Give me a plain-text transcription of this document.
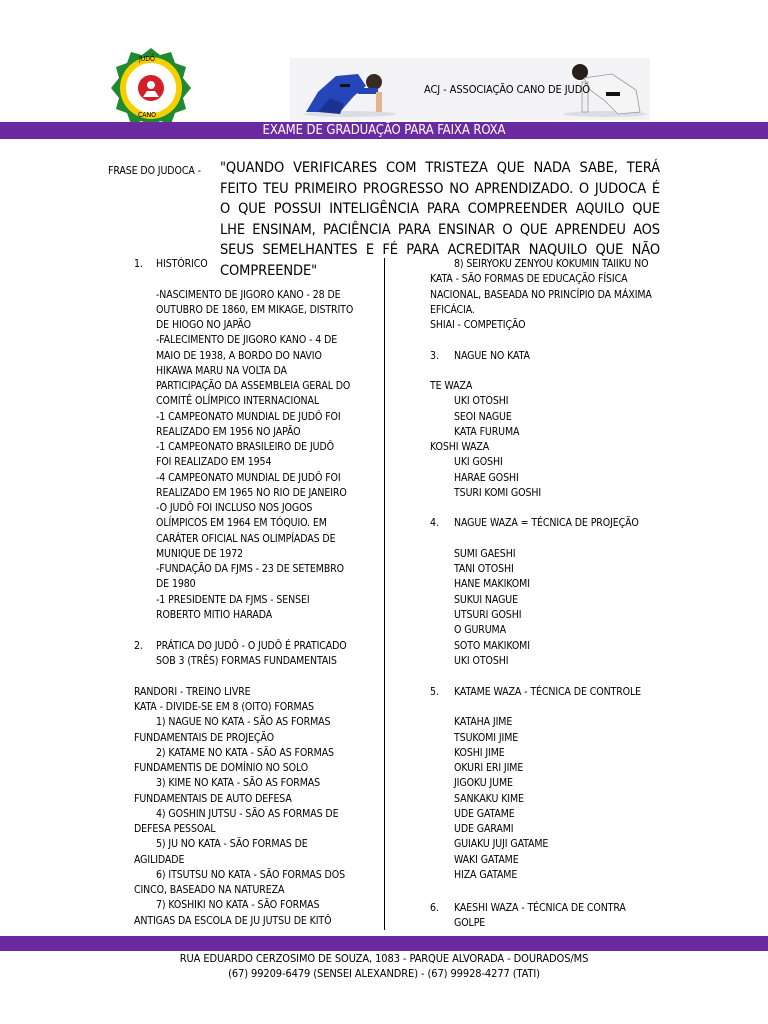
JUDÔ
CANO
ACJ - ASSOCIAÇÃO CANO DE JUDÔ
EXAME DE GRADUAÇÃO PARA FAIXA ROXA
FRASE DO JUDOCA - "QUANDO VERIFICARES COM TRISTEZA QUE NADA SABE, TERÁ FEITO TEU PRIMEIRO PROGRESSO NO APRENDIZADO. O JUDOCA É O QUE POSSUI INTELIGÊNCIA PARA COMPREENDER AQUILO QUE LHE ENSINAM, PACIÊNCIA PARA ENSINAR O QUE APRENDEU AOS SEUS SEMELHANTES E FÉ PARA ACREDITAR NAQUILO QUE NÃO COMPREENDE"
1. HISTÓRICO
-NASCIMENTO DE JIGORO KANO - 28 DE
OUTUBRO DE 1860, EM MIKAGE, DISTRITO
DE HIOGO NO JAPÃO
-FALECIMENTO DE JIGORO KANO - 4 DE
MAIO DE 1938, A BORDO DO NAVIO
HIKAWA MARU NA VOLTA DA
PARTICIPAÇÃO DA ASSEMBLEIA GERAL DO
COMITÊ OLÍMPICO INTERNACIONAL
-1 CAMPEONATO MUNDIAL DE JUDÔ FOI
REALIZADO EM 1956 NO JAPÃO
-1 CAMPEONATO BRASILEIRO DE JUDÔ
FOI REALIZADO EM 1954
-4 CAMPEONATO MUNDIAL DE JUDÔ FOI
REALIZADO EM 1965 NO RIO DE JANEIRO
-O JUDÔ FOI INCLUSO NOS JOGOS
OLÍMPICOS EM 1964 EM TÓQUIO. EM
CARÁTER OFICIAL NAS OLIMPÍADAS DE
MUNIQUE DE 1972
-FUNDAÇÃO DA FJMS - 23 DE SETEMBRO
DE 1980
-1 PRESIDENTE DA FJMS - SENSEI
ROBERTO MITIO HARADA
2. PRÁTICA DO JUDÔ - O JUDÔ É PRATICADO
SOB 3 (TRÊS) FORMAS FUNDAMENTAIS
RANDORI - TREINO LIVRE
KATA - DIVIDE-SE EM 8 (OITO) FORMAS
1) NAGUE NO KATA - SÃO AS FORMAS
FUNDAMENTAIS DE PROJEÇÃO
2) KATAME NO KATA - SÃO AS FORMAS
FUNDAMENTIS DE DOMÍNIO NO SOLO
3) KIME NO KATA - SÃO AS FORMAS
FUNDAMENTAIS DE AUTO DEFESA
4) GOSHIN JUTSU - SÃO AS FORMAS DE
DEFESA PESSOAL
5) JU NO KATA - SÃO FORMAS DE
AGILIDADE
6) ITSUTSU NO KATA - SÃO FORMAS DOS
CINCO, BASEADO NA NATUREZA
7) KOSHIKI NO KATA - SÃO FORMAS
ANTIGAS DA ESCOLA DE JU JUTSU DE KITÔ
8) SEIRYOKU ZENYOU KOKUMIN TAIIKU NO
KATA - SÃO FORMAS DE EDUCAÇÃO FÍSICA
NACIONAL, BASEADA NO PRINCÍPIO DA MÁXIMA
EFICÁCIA.
SHIAI - COMPETIÇÃO
3. NAGUE NO KATA
TE WAZA
UKI OTOSHI
SEOI NAGUE
KATA FURUMA
KOSHI WAZA
UKI GOSHI
HARAE GOSHI
TSURI KOMI GOSHI
4. NAGUE WAZA = TÉCNICA DE PROJEÇÃO
SUMI GAESHI
TANI OTOSHI
HANE MAKIKOMI
SUKUI NAGUE
UTSURI GOSHI
O GURUMA
SOTO MAKIKOMI
UKI OTOSHI
5. KATAME WAZA - TÉCNICA DE CONTROLE
KATAHA JIME
TSUKOMI JIME
KOSHI JIME
OKURI ERI JIME
JIGOKU JUME
SANKAKU KIME
UDE GATAME
UDE GARAMI
GUIAKU JUJI GATAME
WAKI GATAME
HIZA GATAME
6. KAESHI WAZA - TÉCNICA DE CONTRA
GOLPE
RUA EDUARDO CERZOSIMO DE SOUZA, 1083 - PARQUE ALVORADA - DOURADOS/MS
(67) 99209-6479 (SENSEI ALEXANDRE) - (67) 99928-4277 (TATI)
